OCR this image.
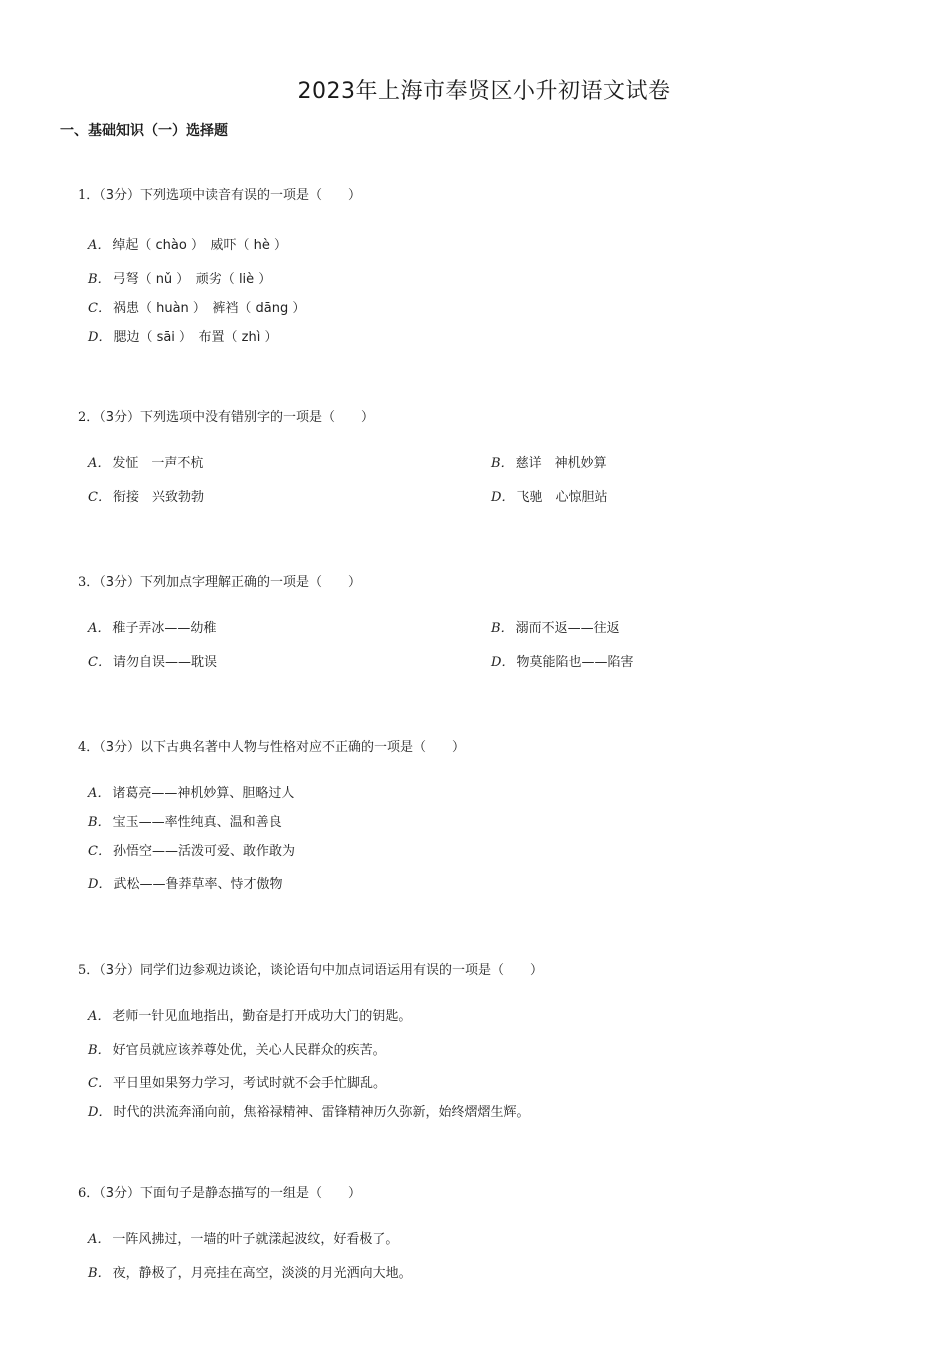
2023年上海市奉贤区小升初语文试卷
一、基础知识（一）选择题
1．（3分）下列选项中读音有误的一项是（　　）
A． 绰起（ chào ）　威吓（ hè ）
B． 弓弩（ nǔ ）　顽劣（ liè ）
C． 祸患（ huàn ）　裤裆（ dāng ）
D． 腮边（ sāi ）　布置（ zhì ）
2．（3分）下列选项中没有错别字的一项是（　　）
A． 发怔　一声不杭	B． 慈详　神机妙算
C． 衔接　兴致勃勃	D． 飞驰　心惊胆站
3．（3分）下列加点字理解正确的一项是（　　）
A． 稚子弄冰——幼稚	B． 溺而不返——往返
C． 请勿自误——耽误	D． 物莫能陷也——陷害
4．（3分）以下古典名著中人物与性格对应不正确的一项是（　　）
A． 诸葛亮——神机妙算、胆略过人
B． 宝玉——率性纯真、温和善良
C． 孙悟空——活泼可爱、敢作敢为
D． 武松——鲁莽草率、恃才傲物
5．（3分）同学们边参观边谈论，谈论语句中加点词语运用有误的一项是（　　）
A． 老师一针见血地指出，勤奋是打开成功大门的钥匙。
B． 好官员就应该养尊处优，关心人民群众的疾苦。
C． 平日里如果努力学习，考试时就不会手忙脚乱。
D． 时代的洪流奔涌向前，焦裕禄精神、雷锋精神历久弥新，始终熠熠生辉。
6．（3分）下面句子是静态描写的一组是（　　）
A． 一阵风拂过，一墙的叶子就漾起波纹，好看极了。
B． 夜，静极了，月亮挂在高空，淡淡的月光洒向大地。
